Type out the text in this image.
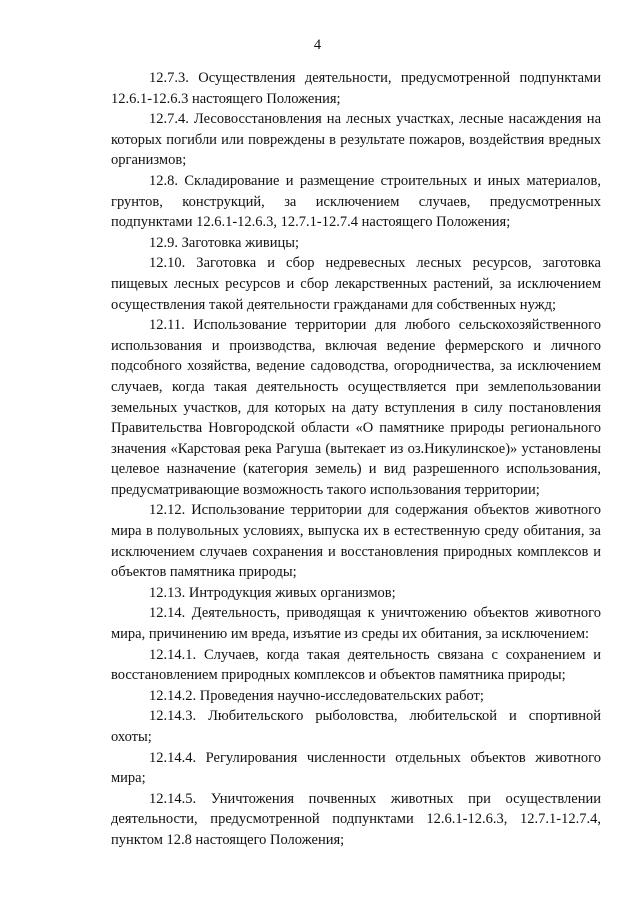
4

12.7.3. Осуществления деятельности, предусмотренной подпунктами 12.6.1-12.6.3 настоящего Положения;

12.7.4. Лесовосстановления на лесных участках, лесные насаждения на которых погибли или повреждены в результате пожаров, воздействия вредных организмов;

12.8. Складирование и размещение строительных и иных материалов, грунтов, конструкций, за исключением случаев, предусмотренных подпунктами 12.6.1-12.6.3, 12.7.1-12.7.4 настоящего Положения;

12.9. Заготовка живицы;

12.10. Заготовка и сбор недревесных лесных ресурсов, заготовка пищевых лесных ресурсов и сбор лекарственных растений, за исключением осуществления такой деятельности гражданами для собственных нужд;

12.11. Использование территории для любого сельскохозяйственного использования и производства, включая ведение фермерского и личного подсобного хозяйства, ведение садоводства, огородничества, за исключением случаев, когда такая деятельность осуществляется при землепользовании земельных участков, для которых на дату вступления в силу постановления Правительства Новгородской области «О памятнике природы регионального значения «Карстовая река Рагуша (вытекает из оз.Никулинское)» установлены целевое назначение (категория земель) и вид разрешенного использования, предусматривающие возможность такого использования территории;

12.12. Использование территории для содержания объектов животного мира в полувольных условиях, выпуска их в естественную среду обитания, за исключением случаев сохранения и восстановления природных комплексов и объектов памятника природы;

12.13. Интродукция живых организмов;

12.14. Деятельность, приводящая к уничтожению объектов животного мира, причинению им вреда, изъятие из среды их обитания, за исключением:

12.14.1. Случаев, когда такая деятельность связана с сохранением и восстановлением природных комплексов и объектов памятника природы;

12.14.2. Проведения научно-исследовательских работ;

12.14.3. Любительского рыболовства, любительской и спортивной охоты;

12.14.4. Регулирования численности отдельных объектов животного мира;

12.14.5. Уничтожения почвенных животных при осуществлении деятельности, предусмотренной подпунктами 12.6.1-12.6.3, 12.7.1-12.7.4, пунктом 12.8 настоящего Положения;
